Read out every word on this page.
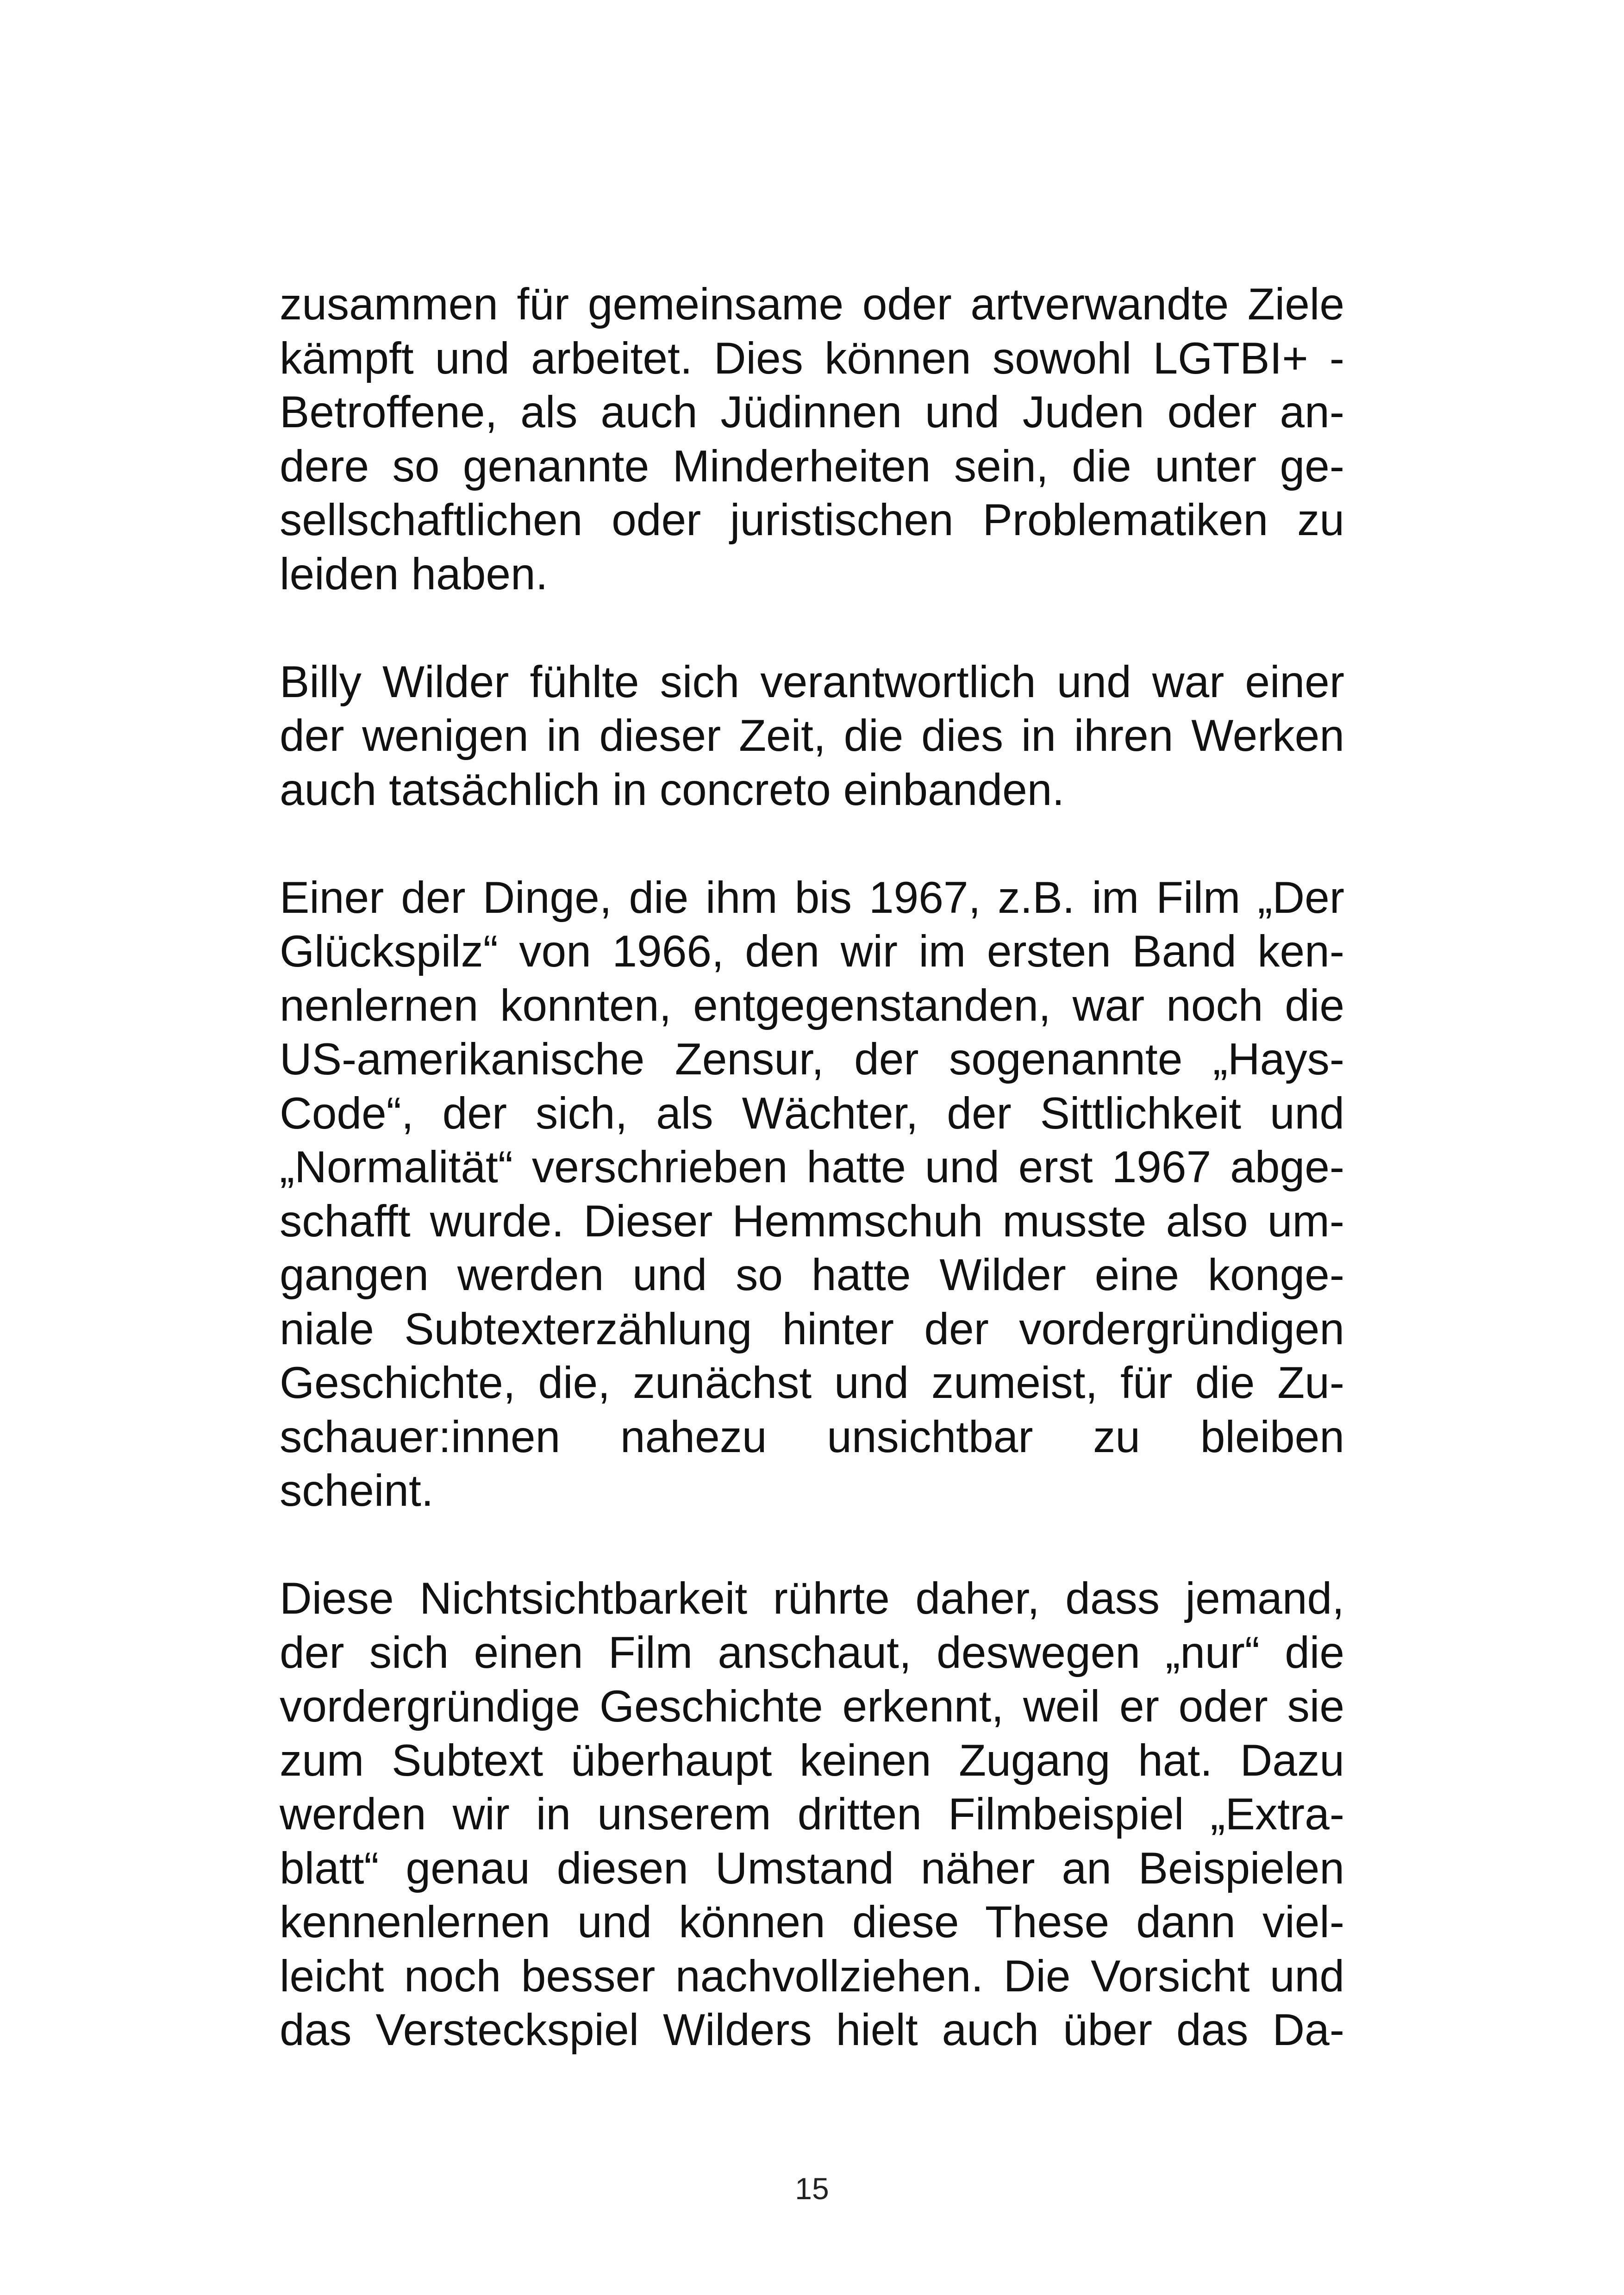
zusammen für gemeinsame oder artverwandte Ziele
kämpft und arbeitet. Dies können sowohl LGTBI+ -
Betroffene, als auch Jüdinnen und Juden oder an-
dere so genannte Minderheiten sein, die unter ge-
sellschaftlichen oder juristischen Problematiken zu
leiden haben.

Billy Wilder fühlte sich verantwortlich und war einer
der wenigen in dieser Zeit, die dies in ihren Werken
auch tatsächlich in concreto einbanden.

Einer der Dinge, die ihm bis 1967, z.B. im Film „Der
Glückspilz“ von 1966, den wir im ersten Band ken-
nenlernen konnten, entgegenstanden, war noch die
US-amerikanische Zensur, der sogenannte „Hays-
Code“, der sich, als Wächter, der Sittlichkeit und
„Normalität“ verschrieben hatte und erst 1967 abge-
schafft wurde. Dieser Hemmschuh musste also um-
gangen werden und so hatte Wilder eine konge-
niale Subtexterzählung hinter der vordergründigen
Geschichte, die, zunächst und zumeist, für die Zu-
schauer:innen nahezu unsichtbar zu bleiben
scheint.

Diese Nichtsichtbarkeit rührte daher, dass jemand,
der sich einen Film anschaut, deswegen „nur“ die
vordergründige Geschichte erkennt, weil er oder sie
zum Subtext überhaupt keinen Zugang hat. Dazu
werden wir in unserem dritten Filmbeispiel „Extra-
blatt“ genau diesen Umstand näher an Beispielen
kennenlernen und können diese These dann viel-
leicht noch besser nachvollziehen. Die Vorsicht und
das Versteckspiel Wilders hielt auch über das Da-

15
